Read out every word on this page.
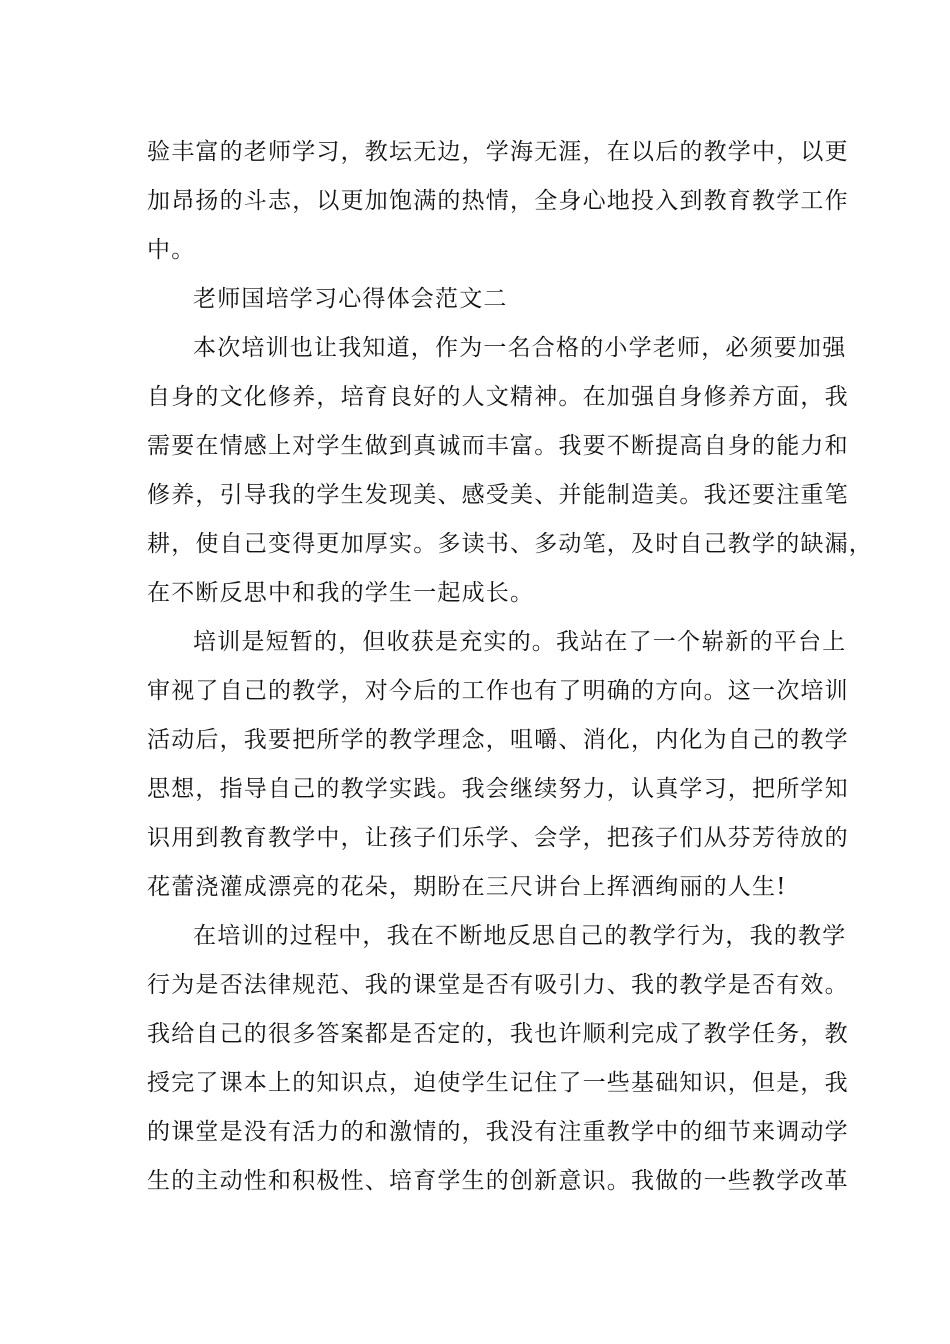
验丰富的老师学习，教坛无边，学海无涯，在以后的教学中，以更
加昂扬的斗志，以更加饱满的热情，全身心地投入到教育教学工作
中。
老师国培学习心得体会范文二
本次培训也让我知道，作为一名合格的小学老师，必须要加强
自身的文化修养，培育良好的人文精神。在加强自身修养方面，我
需要在情感上对学生做到真诚而丰富。我要不断提高自身的能力和
修养，引导我的学生发现美、感受美、并能制造美。我还要注重笔
耕，使自己变得更加厚实。多读书、多动笔，及时自己教学的缺漏，
在不断反思中和我的学生一起成长。
培训是短暂的，但收获是充实的。我站在了一个崭新的平台上
审视了自己的教学，对今后的工作也有了明确的方向。这一次培训
活动后，我要把所学的教学理念，咀嚼、消化，内化为自己的教学
思想，指导自己的教学实践。我会继续努力，认真学习，把所学知
识用到教育教学中，让孩子们乐学、会学，把孩子们从芬芳待放的
花蕾浇灌成漂亮的花朵，期盼在三尺讲台上挥洒绚丽的人生!
在培训的过程中，我在不断地反思自己的教学行为，我的教学
行为是否法律规范、我的课堂是否有吸引力、我的教学是否有效。
我给自己的很多答案都是否定的，我也许顺利完成了教学任务，教
授完了课本上的知识点，迫使学生记住了一些基础知识，但是，我
的课堂是没有活力的和激情的，我没有注重教学中的细节来调动学
生的主动性和积极性、培育学生的创新意识。我做的一些教学改革
